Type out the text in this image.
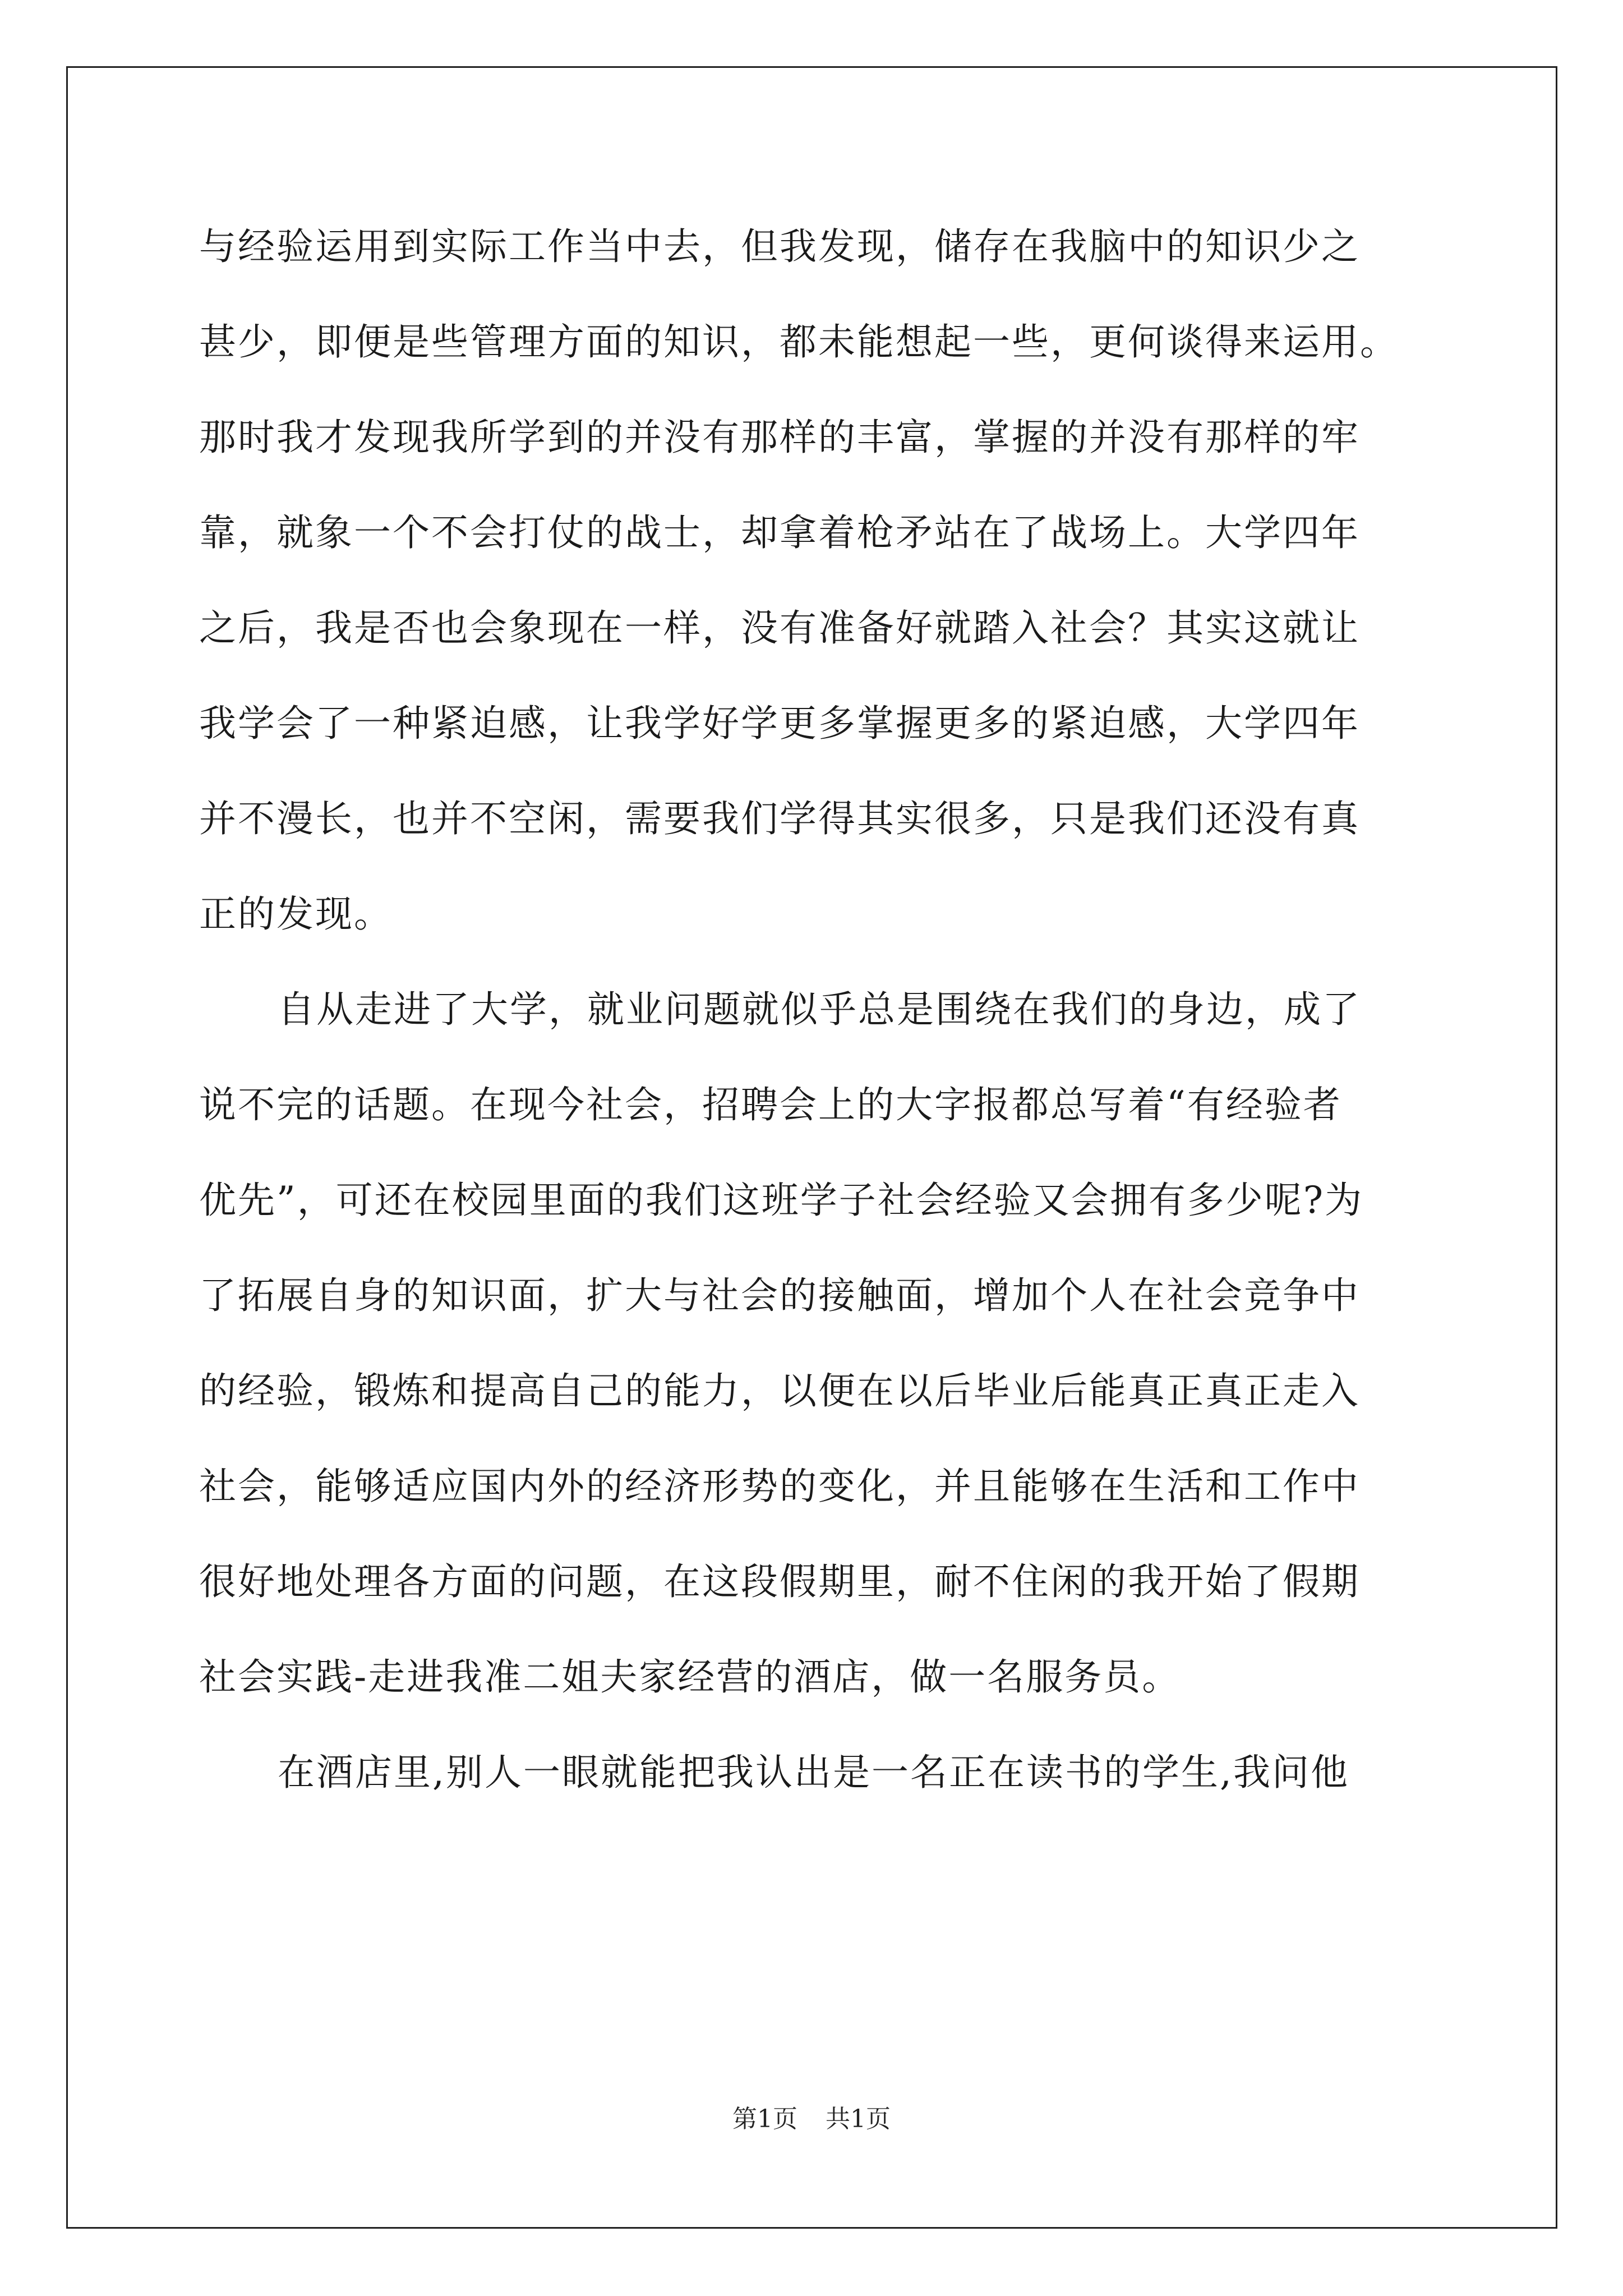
与经验运用到实际工作当中去，但我发现，储存在我脑中的知识少之
甚少，即便是些管理方面的知识，都未能想起一些，更何谈得来运用。
那时我才发现我所学到的并没有那样的丰富，掌握的并没有那样的牢
靠，就象一个不会打仗的战士，却拿着枪矛站在了战场上。大学四年
之后，我是否也会象现在一样，没有准备好就踏入社会？其实这就让
我学会了一种紧迫感，让我学好学更多掌握更多的紧迫感，大学四年
并不漫长，也并不空闲，需要我们学得其实很多，只是我们还没有真
正的发现。
自从走进了大学，就业问题就似乎总是围绕在我们的身边，成了
说不完的话题。在现今社会，招聘会上的大字报都总写着“有经验者
优先”，可还在校园里面的我们这班学子社会经验又会拥有多少呢?为
了拓展自身的知识面，扩大与社会的接触面，增加个人在社会竞争中
的经验，锻炼和提高自己的能力，以便在以后毕业后能真正真正走入
社会，能够适应国内外的经济形势的变化，并且能够在生活和工作中
很好地处理各方面的问题，在这段假期里，耐不住闲的我开始了假期
社会实践-走进我准二姐夫家经营的酒店，做一名服务员。
在酒店里,别人一眼就能把我认出是一名正在读书的学生,我问他
第1页 共1页
